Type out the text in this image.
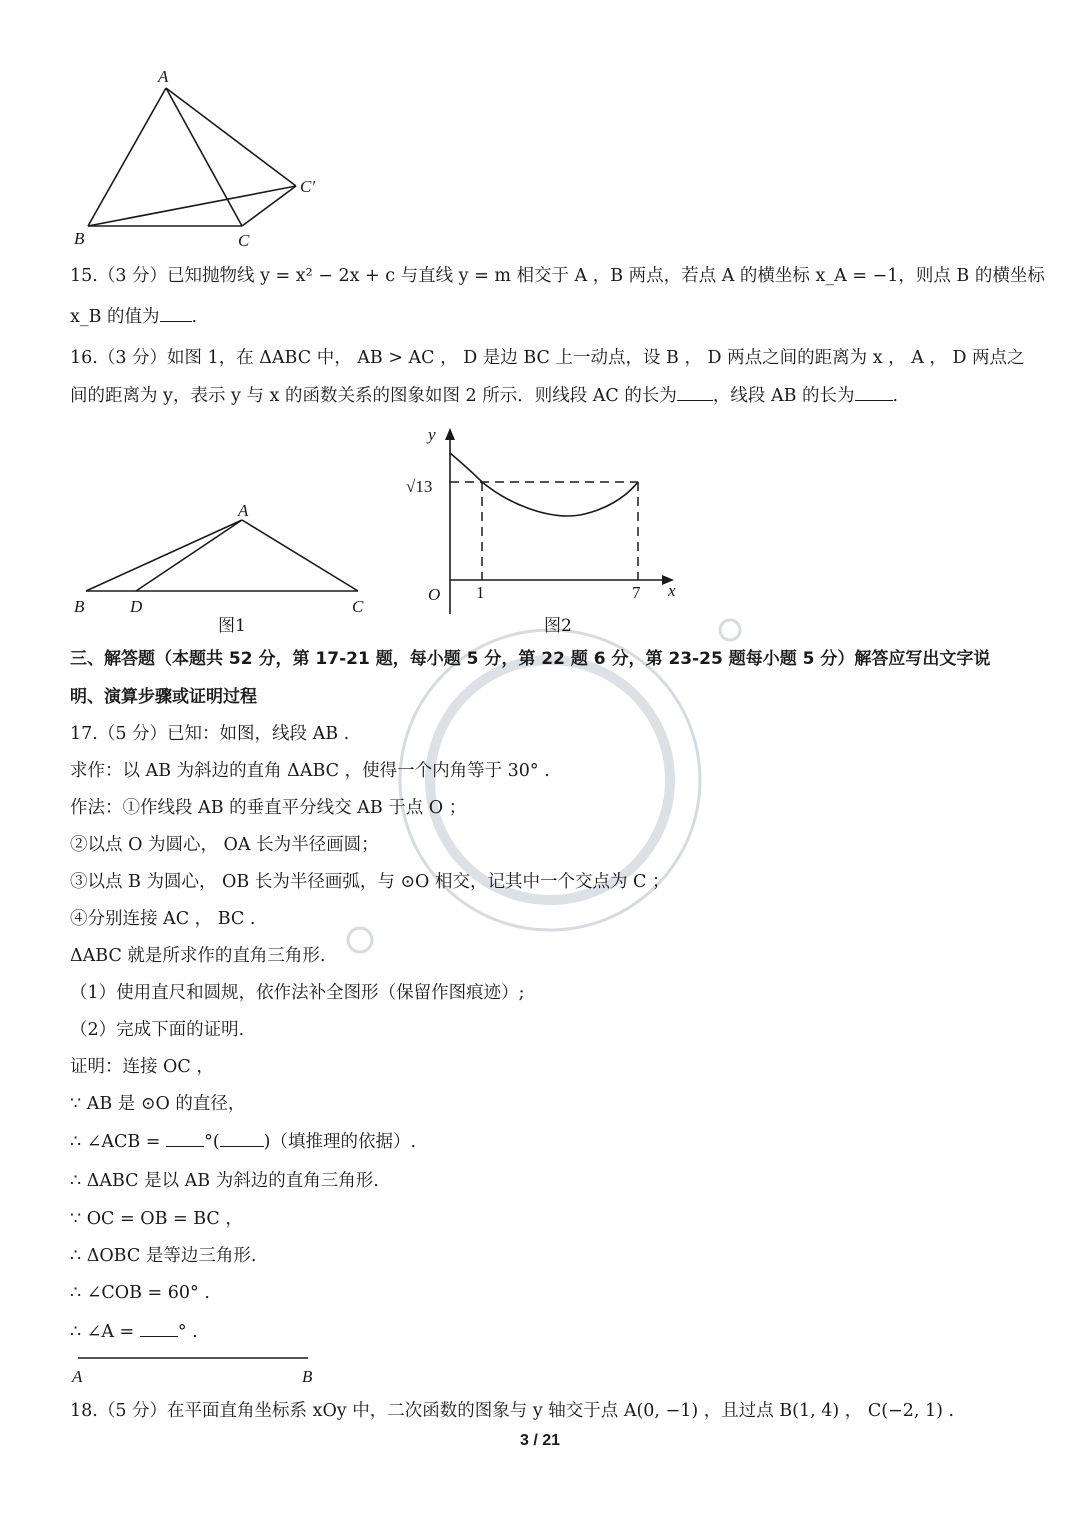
A
B	C
C′
15.（3 分）已知抛物线 y = x² − 2x + c 与直线 y = m 相交于 A ，B 两点，若点 A 的横坐标 x_A = −1，则点 B 的横坐标
x_B 的值为 .
16.（3 分）如图 1，在 ΔABC 中， AB > AC ， D 是边 BC 上一动点，设 B ， D 两点之间的距离为 x ， A ， D 两点之
间的距离为 y，表示 y 与 x 的函数关系的图象如图 2 所示．则线段 AC 的长为 ，线段 AB 的长为 .
A
B	D	C
图1
y
√13
O 1	7 x
图2
三、解答题（本题共 52 分，第 17-21 题，每小题 5 分，第 22 题 6 分，第 23-25 题每小题 5 分）解答应写出文字说
明、演算步骤或证明过程
17.（5 分）已知：如图，线段 AB .
求作：以 AB 为斜边的直角 ΔABC ，使得一个内角等于 30° .
作法：①作线段 AB 的垂直平分线交 AB 于点 O ；
②以点 O 为圆心， OA 长为半径画圆；
③以点 B 为圆心， OB 长为半径画弧，与 ⊙O 相交，记其中一个交点为 C ；
④分别连接 AC ， BC .
ΔABC 就是所求作的直角三角形.
（1）使用直尺和圆规，依作法补全图形（保留作图痕迹）;
（2）完成下面的证明.
证明：连接 OC ，
∵ AB 是 ⊙O 的直径，
∴ ∠ACB = °(	)（填推理的依据）.
∴ ΔABC 是以 AB 为斜边的直角三角形.
∵ OC = OB = BC ，
∴ ΔOBC 是等边三角形.
∴ ∠COB = 60° .
∴ ∠A = ° .
A	B
18.（5 分）在平面直角坐标系 xOy 中，二次函数的图象与 y 轴交于点 A(0, −1) ，且过点 B(1, 4) ， C(−2, 1) .
3 / 21
